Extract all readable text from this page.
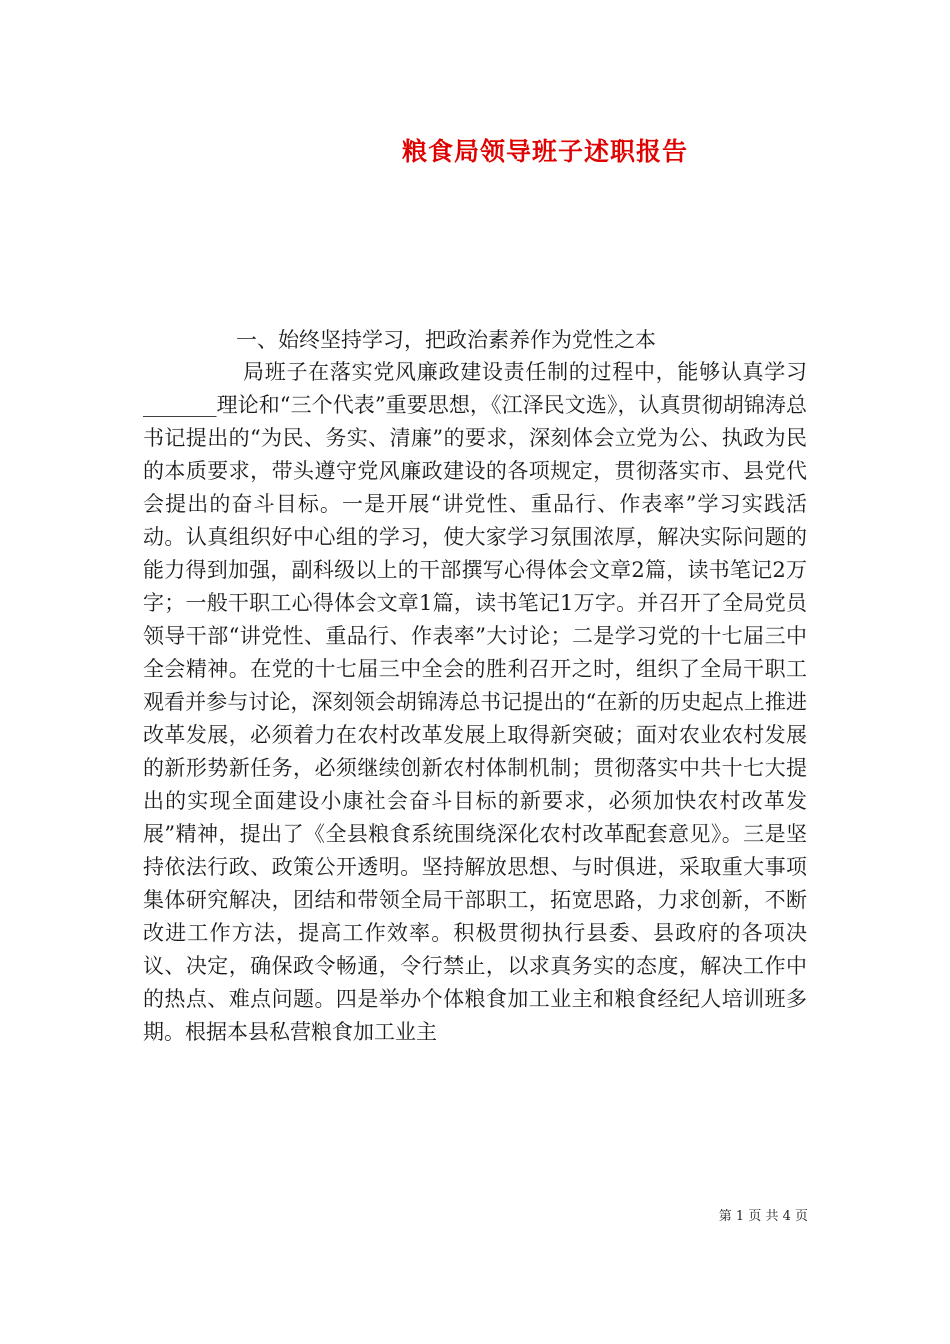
粮食局领导班子述职报告
一、始终坚持学习，把政治素养作为党性之本

局班子在落实党风廉政建设责任制的过程中，能够认真学习_______理论和“三个代表”重要思想，《江泽民文选》，认真贯彻胡锦涛总书记提出的“为民、务实、清廉”的要求，深刻体会立党为公、执政为民的本质要求，带头遵守党风廉政建设的各项规定，贯彻落实市、县党代会提出的奋斗目标。一是开展“讲党性、重品行、作表率”学习实践活动。认真组织好中心组的学习，使大家学习氛围浓厚，解决实际问题的能力得到加强，副科级以上的干部撰写心得体会文章2篇，读书笔记2万字；一般干职工心得体会文章1篇，读书笔记1万字。并召开了全局党员领导干部“讲党性、重品行、作表率”大讨论；二是学习党的十七届三中全会精神。在党的十七届三中全会的胜利召开之时，组织了全局干职工观看并参与讨论，深刻领会胡锦涛总书记提出的“在新的历史起点上推进改革发展，必须着力在农村改革发展上取得新突破；面对农业农村发展的新形势新任务，必须继续创新农村体制机制；贯彻落实中共十七大提出的实现全面建设小康社会奋斗目标的新要求，必须加快农村改革发展”精神，提出了《全县粮食系统围绕深化农村改革配套意见》。三是坚持依法行政、政策公开透明。坚持解放思想、与时俱进，采取重大事项集体研究解决，团结和带领全局干部职工，拓宽思路，力求创新，不断改进工作方法，提高工作效率。积极贯彻执行县委、县政府的各项决议、决定，确保政令畅通，令行禁止，以求真务实的态度，解决工作中的热点、难点问题。四是举办个体粮食加工业主和粮食经纪人培训班多期。根据本县私营粮食加工业主

第 1 页 共 4 页
